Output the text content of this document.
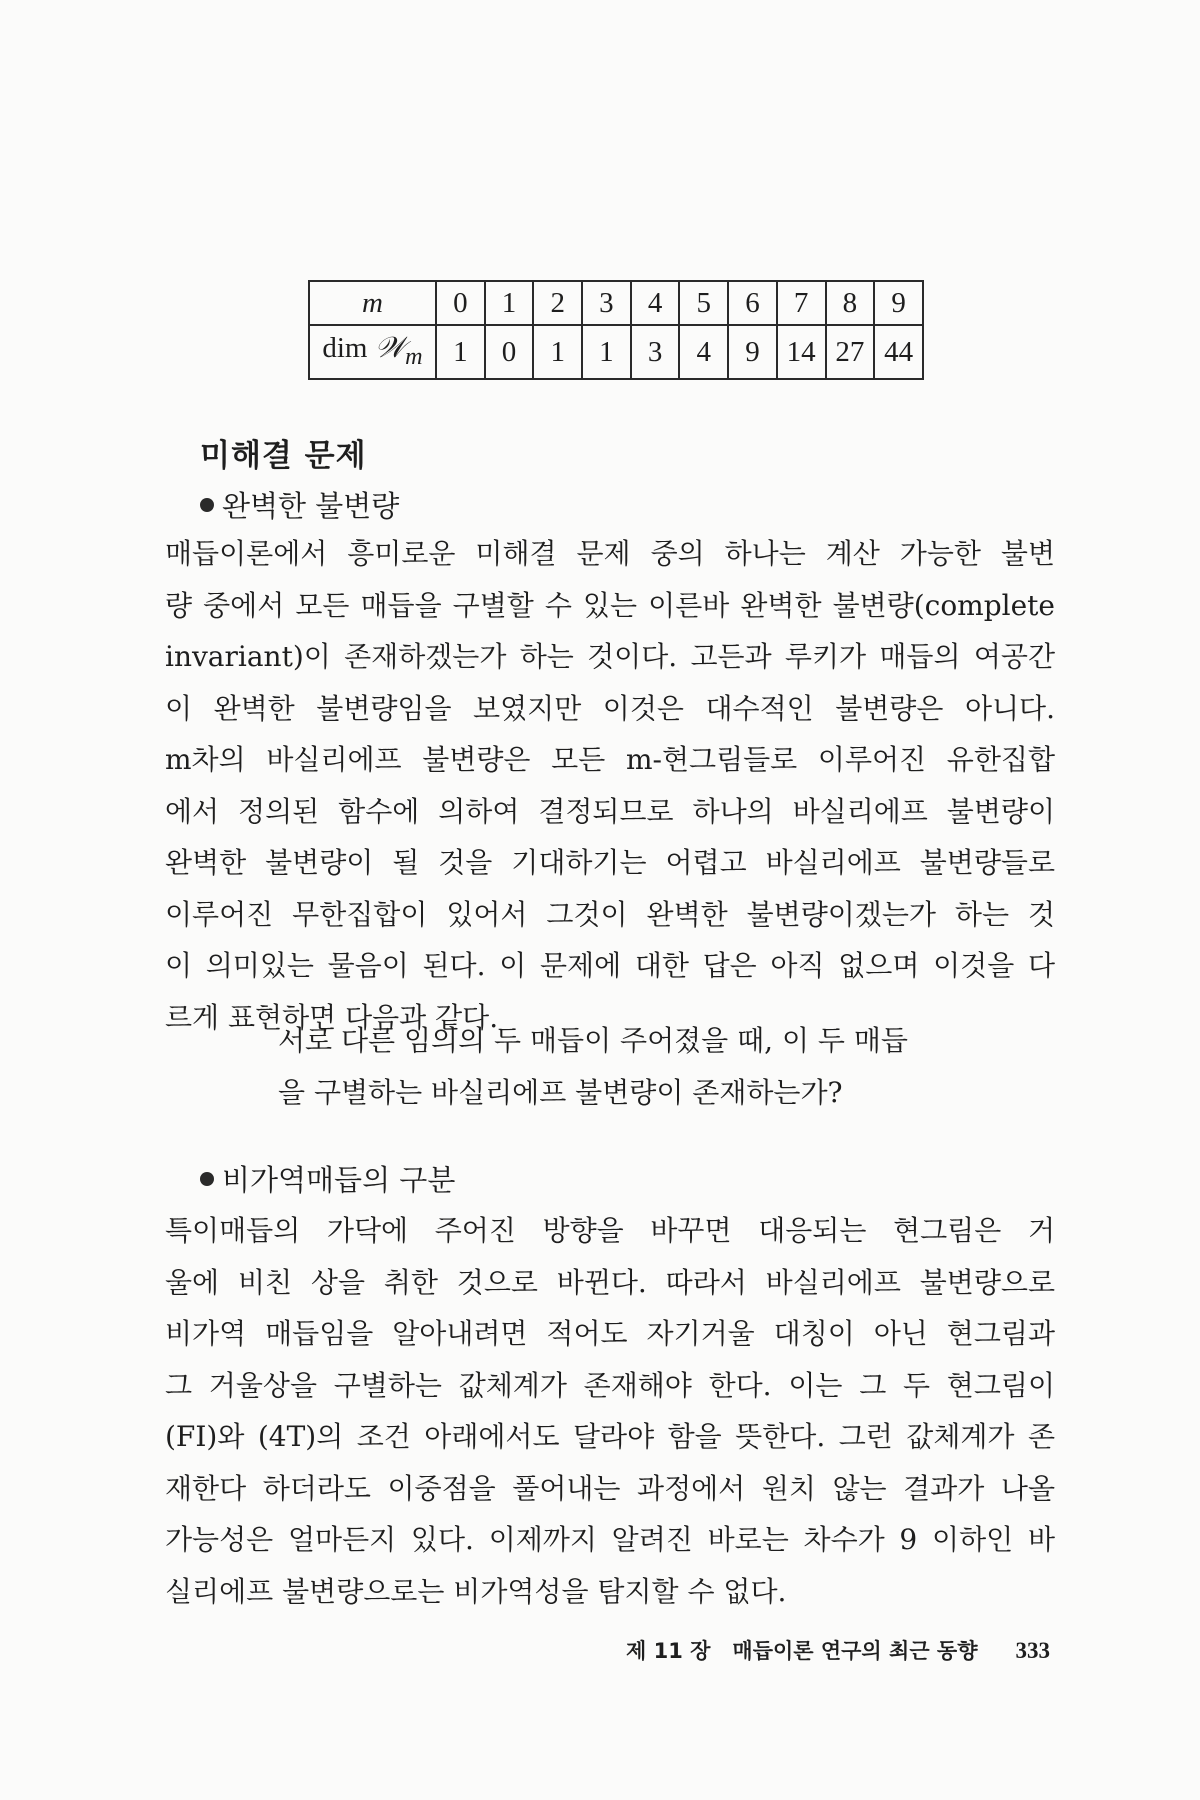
m	0	1	2	3	4	5	6	7	8	9
dim 𝒲$_m$	1	0	1	1	3	4	9	14	27	44
미해결 문제
완벽한 불변량
매듭이론에서 흥미로운 미해결 문제 중의 하나는 계산 가능한 불변
량 중에서 모든 매듭을 구별할 수 있는 이른바 완벽한 불변량(complete
invariant)이 존재하겠는가 하는 것이다. 고든과 루키가 매듭의 여공간
이 완벽한 불변량임을 보였지만 이것은 대수적인 불변량은 아니다.
m차의 바실리에프 불변량은 모든 m-현그림들로 이루어진 유한집합
에서 정의된 함수에 의하여 결정되므로 하나의 바실리에프 불변량이
완벽한 불변량이 될 것을 기대하기는 어렵고 바실리에프 불변량들로
이루어진 무한집합이 있어서 그것이 완벽한 불변량이겠는가 하는 것
이 의미있는 물음이 된다. 이 문제에 대한 답은 아직 없으며 이것을 다
르게 표현하면 다음과 같다.
서로 다른 임의의 두 매듭이 주어졌을 때, 이 두 매듭
을 구별하는 바실리에프 불변량이 존재하는가?
비가역매듭의 구분
특이매듭의 가닥에 주어진 방향을 바꾸면 대응되는 현그림은 거
울에 비친 상을 취한 것으로 바뀐다. 따라서 바실리에프 불변량으로
비가역 매듭임을 알아내려면 적어도 자기거울 대칭이 아닌 현그림과
그 거울상을 구별하는 값체계가 존재해야 한다. 이는 그 두 현그림이
(FI)와 (4T)의 조건 아래에서도 달라야 함을 뜻한다. 그런 값체계가 존
재한다 하더라도 이중점을 풀어내는 과정에서 원치 않는 결과가 나올
가능성은 얼마든지 있다. 이제까지 알려진 바로는 차수가 9 이하인 바
실리에프 불변량으로는 비가역성을 탐지할 수 없다.
제 11 장 매듭이론 연구의 최근 동향 333
